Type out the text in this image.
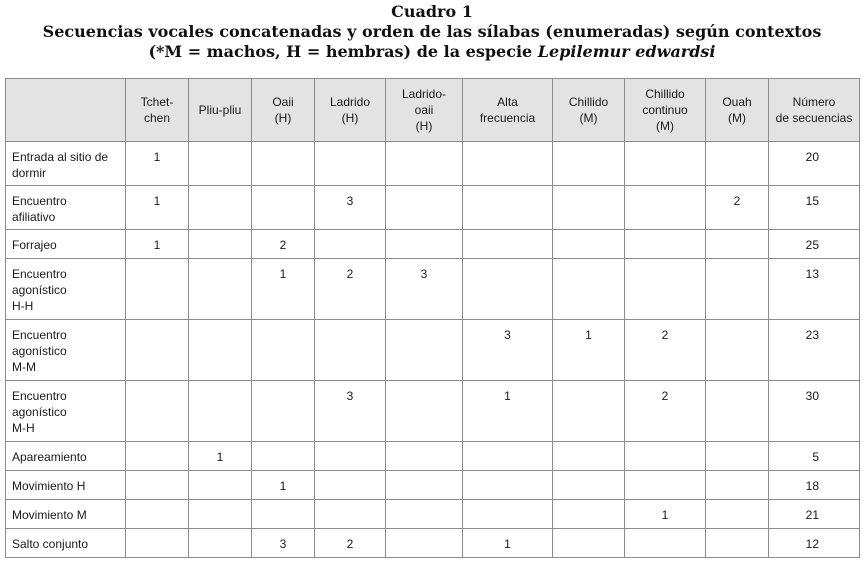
Cuadro 1
Secuencias vocales concatenadas y orden de las sílabas (enumeradas) según contextos
(*M = machos, H = hembras) de la especie Lepilemur edwardsi
	Tchet-
chen	Pliu-pliu	Oaii
(H)	Ladrido
(H)	Ladrido-
oaii
(H)	Alta
frecuencia	Chillido
(M)	Chillido
continuo
(M)	Ouah
(M)	Número
de secuencias
Entrada al sitio de
dormir	1									20
Encuentro
afiliativo	1			3					2	15
Forrajeo	1		2							25
Encuentro
agonístico
H-H			1	2	3					13
Encuentro
agonístico
M-M						3	1	2		23
Encuentro
agonístico
M-H				3		1		2		30
Apareamiento		1								5
Movimiento H			1							18
Movimiento M								1		21
Salto conjunto			3	2		1				12
